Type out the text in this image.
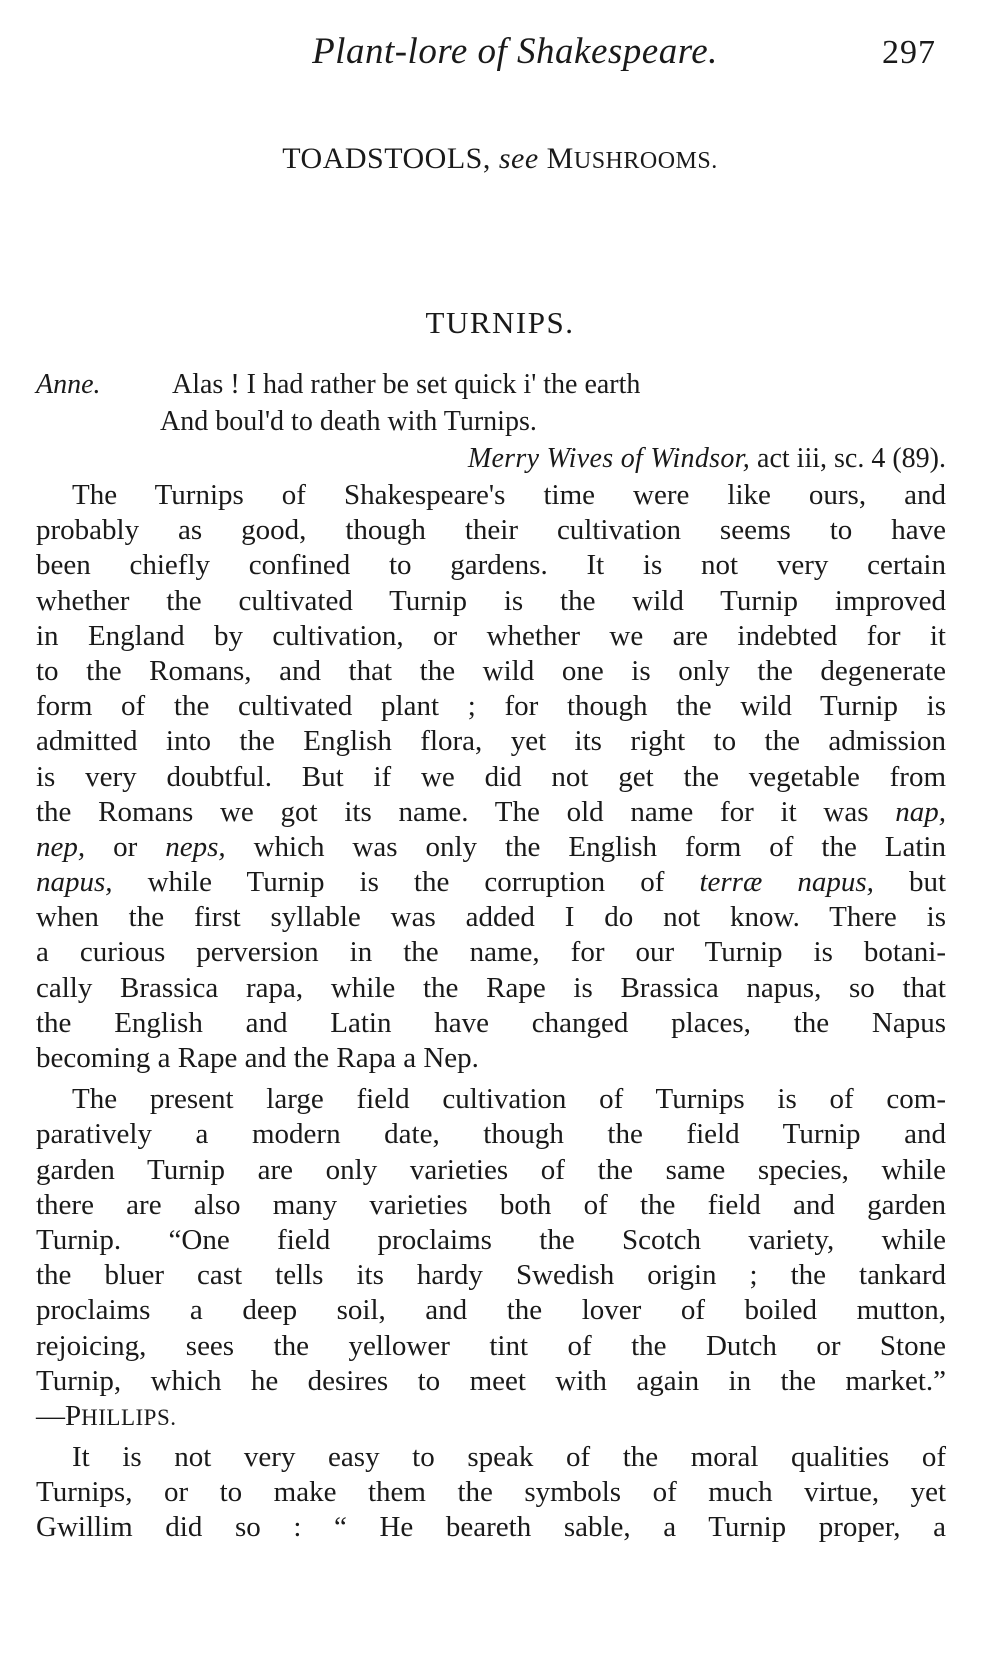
Plant-lore of Shakespeare.	297
TOADSTOOLS, see MUSHROOMS.
TURNIPS.
Anne.	Alas ! I had rather be set quick i' the earth
And boul'd to death with Turnips.
Merry Wives of Windsor, act iii, sc. 4 (89).
The Turnips of Shakespeare's time were like ours, and
probably as good, though their cultivation seems to have
been chiefly confined to gardens. It is not very certain
whether the cultivated Turnip is the wild Turnip improved
in England by cultivation, or whether we are indebted for it
to the Romans, and that the wild one is only the degenerate
form of the cultivated plant ; for though the wild Turnip is
admitted into the English flora, yet its right to the admission
is very doubtful. But if we did not get the vegetable from
the Romans we got its name. The old name for it was nap,
nep, or neps, which was only the English form of the Latin
napus, while Turnip is the corruption of terræ napus, but
when the first syllable was added I do not know. There is
a curious perversion in the name, for our Turnip is botani-
cally Brassica rapa, while the Rape is Brassica napus, so that
the English and Latin have changed places, the Napus
becoming a Rape and the Rapa a Nep.
The present large field cultivation of Turnips is of com-
paratively a modern date, though the field Turnip and
garden Turnip are only varieties of the same species, while
there are also many varieties both of the field and garden
Turnip. “One field proclaims the Scotch variety, while
the bluer cast tells its hardy Swedish origin ; the tankard
proclaims a deep soil, and the lover of boiled mutton,
rejoicing, sees the yellower tint of the Dutch or Stone
Turnip, which he desires to meet with again in the market.”
—PHILLIPS.
It is not very easy to speak of the moral qualities of
Turnips, or to make them the symbols of much virtue, yet
Gwillim did so : “ He beareth sable, a Turnip proper, a
